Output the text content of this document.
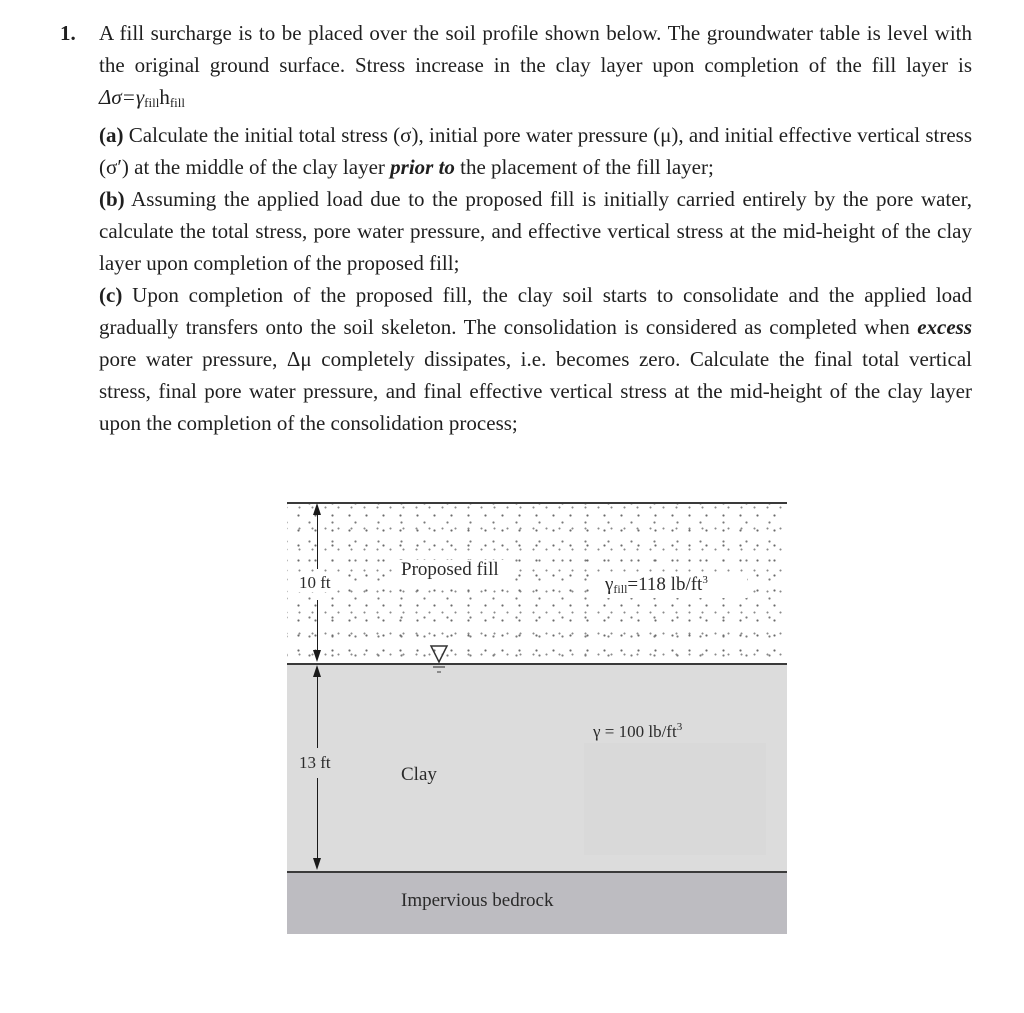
1. A fill surcharge is to be placed over the soil profile shown below. The groundwater table is level with the original ground surface. Stress increase in the clay layer upon completion of the fill layer is $\Delta\sigma=\gamma_{fill}h_{fill}$

(a) Calculate the initial total stress (σ), initial pore water pressure (μ), and initial effective vertical stress (σ′) at the middle of the clay layer prior to the placement of the fill layer;

(b) Assuming the applied load due to the proposed fill is initially carried entirely by the pore water, calculate the total stress, pore water pressure, and effective vertical stress at the mid-height of the clay layer upon completion of the proposed fill;

(c) Upon completion of the proposed fill, the clay soil starts to consolidate and the applied load gradually transfers onto the soil skeleton. The consolidation is considered as completed when excess pore water pressure, Δμ completely dissipates, i.e. becomes zero. Calculate the final total vertical stress, final pore water pressure, and final effective vertical stress at the mid-height of the clay layer upon the completion of the consolidation process;

Proposed fill
$\gamma_{fill}=118$ $lb/ft^3$
10 ft
γ = 100 $lb/ft^3$
Clay
13 ft
Impervious bedrock
